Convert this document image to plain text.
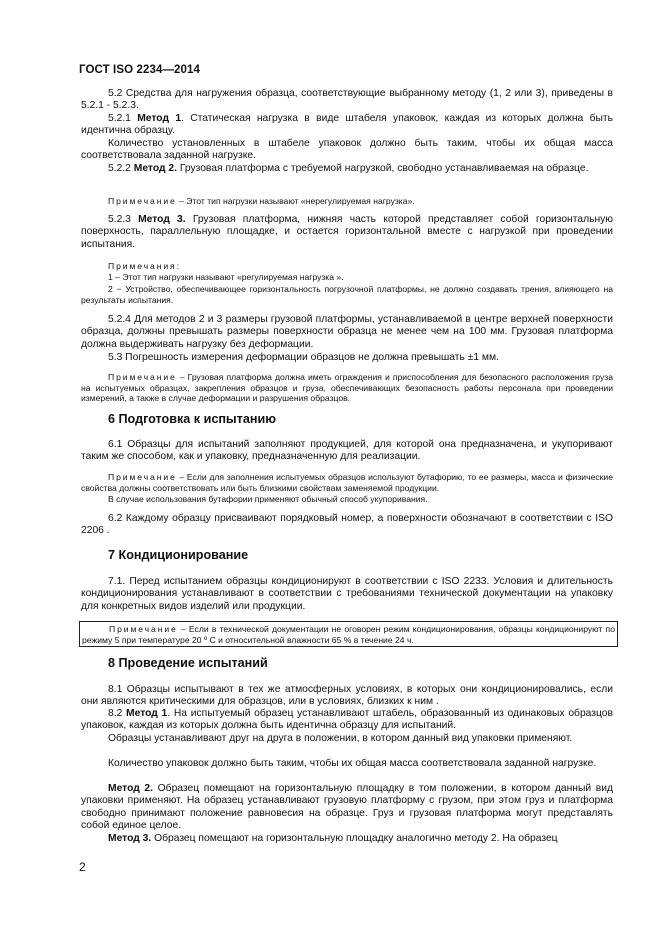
ГОСТ ISO 2234—2014
5.2 Средства для нагружения образца, соответствующие выбранному методу (1, 2 или 3), приведены в 5.2.1 - 5.2.3.
5.2.1 Метод 1. Статическая нагрузка в виде штабеля упаковок, каждая из которых должна быть идентична образцу.
Количество установленных в штабеле упаковок должно быть таким, чтобы их общая масса соответствовала заданной нагрузке.
5.2.2 Метод 2. Грузовая платформа с требуемой нагрузкой, свободно устанавливаемая на образце.
Примечание – Этот тип нагрузки называют «нерегулируемая нагрузка».
5.2.3 Метод 3. Грузовая платформа, нижняя часть которой представляет собой горизонтальную поверхность, параллельную площадке, и остается горизонтальной вместе с нагрузкой при проведении испытания.
Примечания:
1 – Этот тип нагрузки называют «регулируемая нагрузка ».
2 − Устройство, обеспечивающее горизонтальность погрузочной платформы, не должно создавать трения, влияющего на результаты испытания.
5.2.4 Для методов 2 и 3 размеры грузовой платформы, устанавливаемой в центре верхней поверхности образца, должны превышать размеры поверхности образца не менее чем на 100 мм. Грузовая платформа должна выдерживать нагрузку без деформации.
5.3 Погрешность измерения деформации образцов не должна превышать ±1 мм.
Примечание – Грузовая платформа должна иметь ограждения и приспособления для безопасного расположения груза на испытуемых образцах, закрепления образцов и груза, обеспечивающих безопасность работы персонала при проведении измерений, а также в случае деформации и разрушения образцов.
6 Подготовка к испытанию
6.1 Образцы для испытаний заполняют продукцией, для которой она предназначена, и укупоривают таким же способом, как и упаковку, предназначенную для реализации.
Примечание – Если для заполнения испытуемых образцов используют бутафорию, то ее размеры, масса и физические свойства должны соответствовать или быть близкими свойствам заменяемой продукции.
В случае использования бутафории применяют обычный способ укупоривания.
6.2 Каждому образцу присваивают порядковый номер, а поверхности обозначают в соответствии с ISO 2206 .
7 Кондиционирование
7.1. Перед испытанием образцы кондиционируют в соответствии с ISO 2233. Условия и длительность кондиционирования устанавливают в соответствии с требованиями технической документации на упаковку для конкретных видов изделий или продукции.
Примечание – Если в технической документации не оговорен режим кондиционирования, образцы кондиционируют по режиму 5 при температуре 20 º С и относительной влажности 65 % в течение 24 ч.
8 Проведение испытаний
8.1 Образцы испытывают в тех же атмосферных условиях, в которых они кондиционировались, если они являются критическими для образцов, или в условиях, близких к ним .
8.2 Метод 1. На испытуемый образец устанавливают штабель, образованный из одинаковых образцов упаковок, каждая из которых должна быть идентична образцу для испытаний.
Образцы устанавливают друг на друга в положении, в котором данный вид упаковки применяют.
Количество упаковок должно быть таким, чтобы их общая масса соответствовала заданной нагрузке.
Метод 2. Образец помещают на горизонтальную площадку в том положении, в котором данный вид упаковки применяют. На образец устанавливают грузовую платформу с грузом, при этом груз и платформа свободно принимают положение равновесия на образце. Груз и грузовая платформа могут представлять собой единое целое.
Метод 3. Образец помещают на горизонтальную площадку аналогично методу 2. На образец
2
